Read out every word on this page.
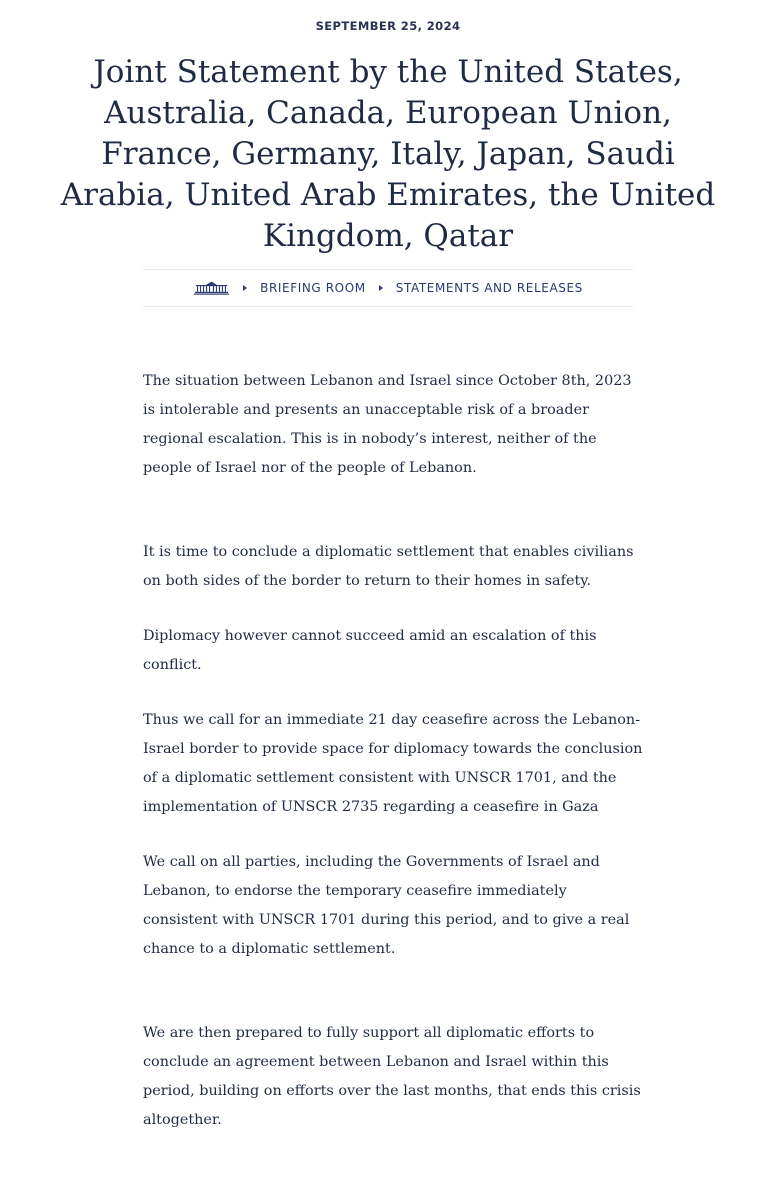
SEPTEMBER 25, 2024
Joint Statement by the United States, Australia, Canada, European Union, France, Germany, Italy, Japan, Saudi Arabia, United Arab Emirates, the United Kingdom, Qatar
BRIEFING ROOM	STATEMENTS AND RELEASES

The situation between Lebanon and Israel since October 8th, 2023 is intolerable and presents an unacceptable risk of a broader regional escalation. This is in nobody’s interest, neither of the people of Israel nor of the people of Lebanon.

It is time to conclude a diplomatic settlement that enables civilians on both sides of the border to return to their homes in safety.

Diplomacy however cannot succeed amid an escalation of this conflict.

Thus we call for an immediate 21 day ceasefire across the Lebanon-Israel border to provide space for diplomacy towards the conclusion of a diplomatic settlement consistent with UNSCR 1701, and the implementation of UNSCR 2735 regarding a ceasefire in Gaza

We call on all parties, including the Governments of Israel and Lebanon, to endorse the temporary ceasefire immediately consistent with UNSCR 1701 during this period, and to give a real chance to a diplomatic settlement.

We are then prepared to fully support all diplomatic efforts to conclude an agreement between Lebanon and Israel within this period, building on efforts over the last months, that ends this crisis altogether.
